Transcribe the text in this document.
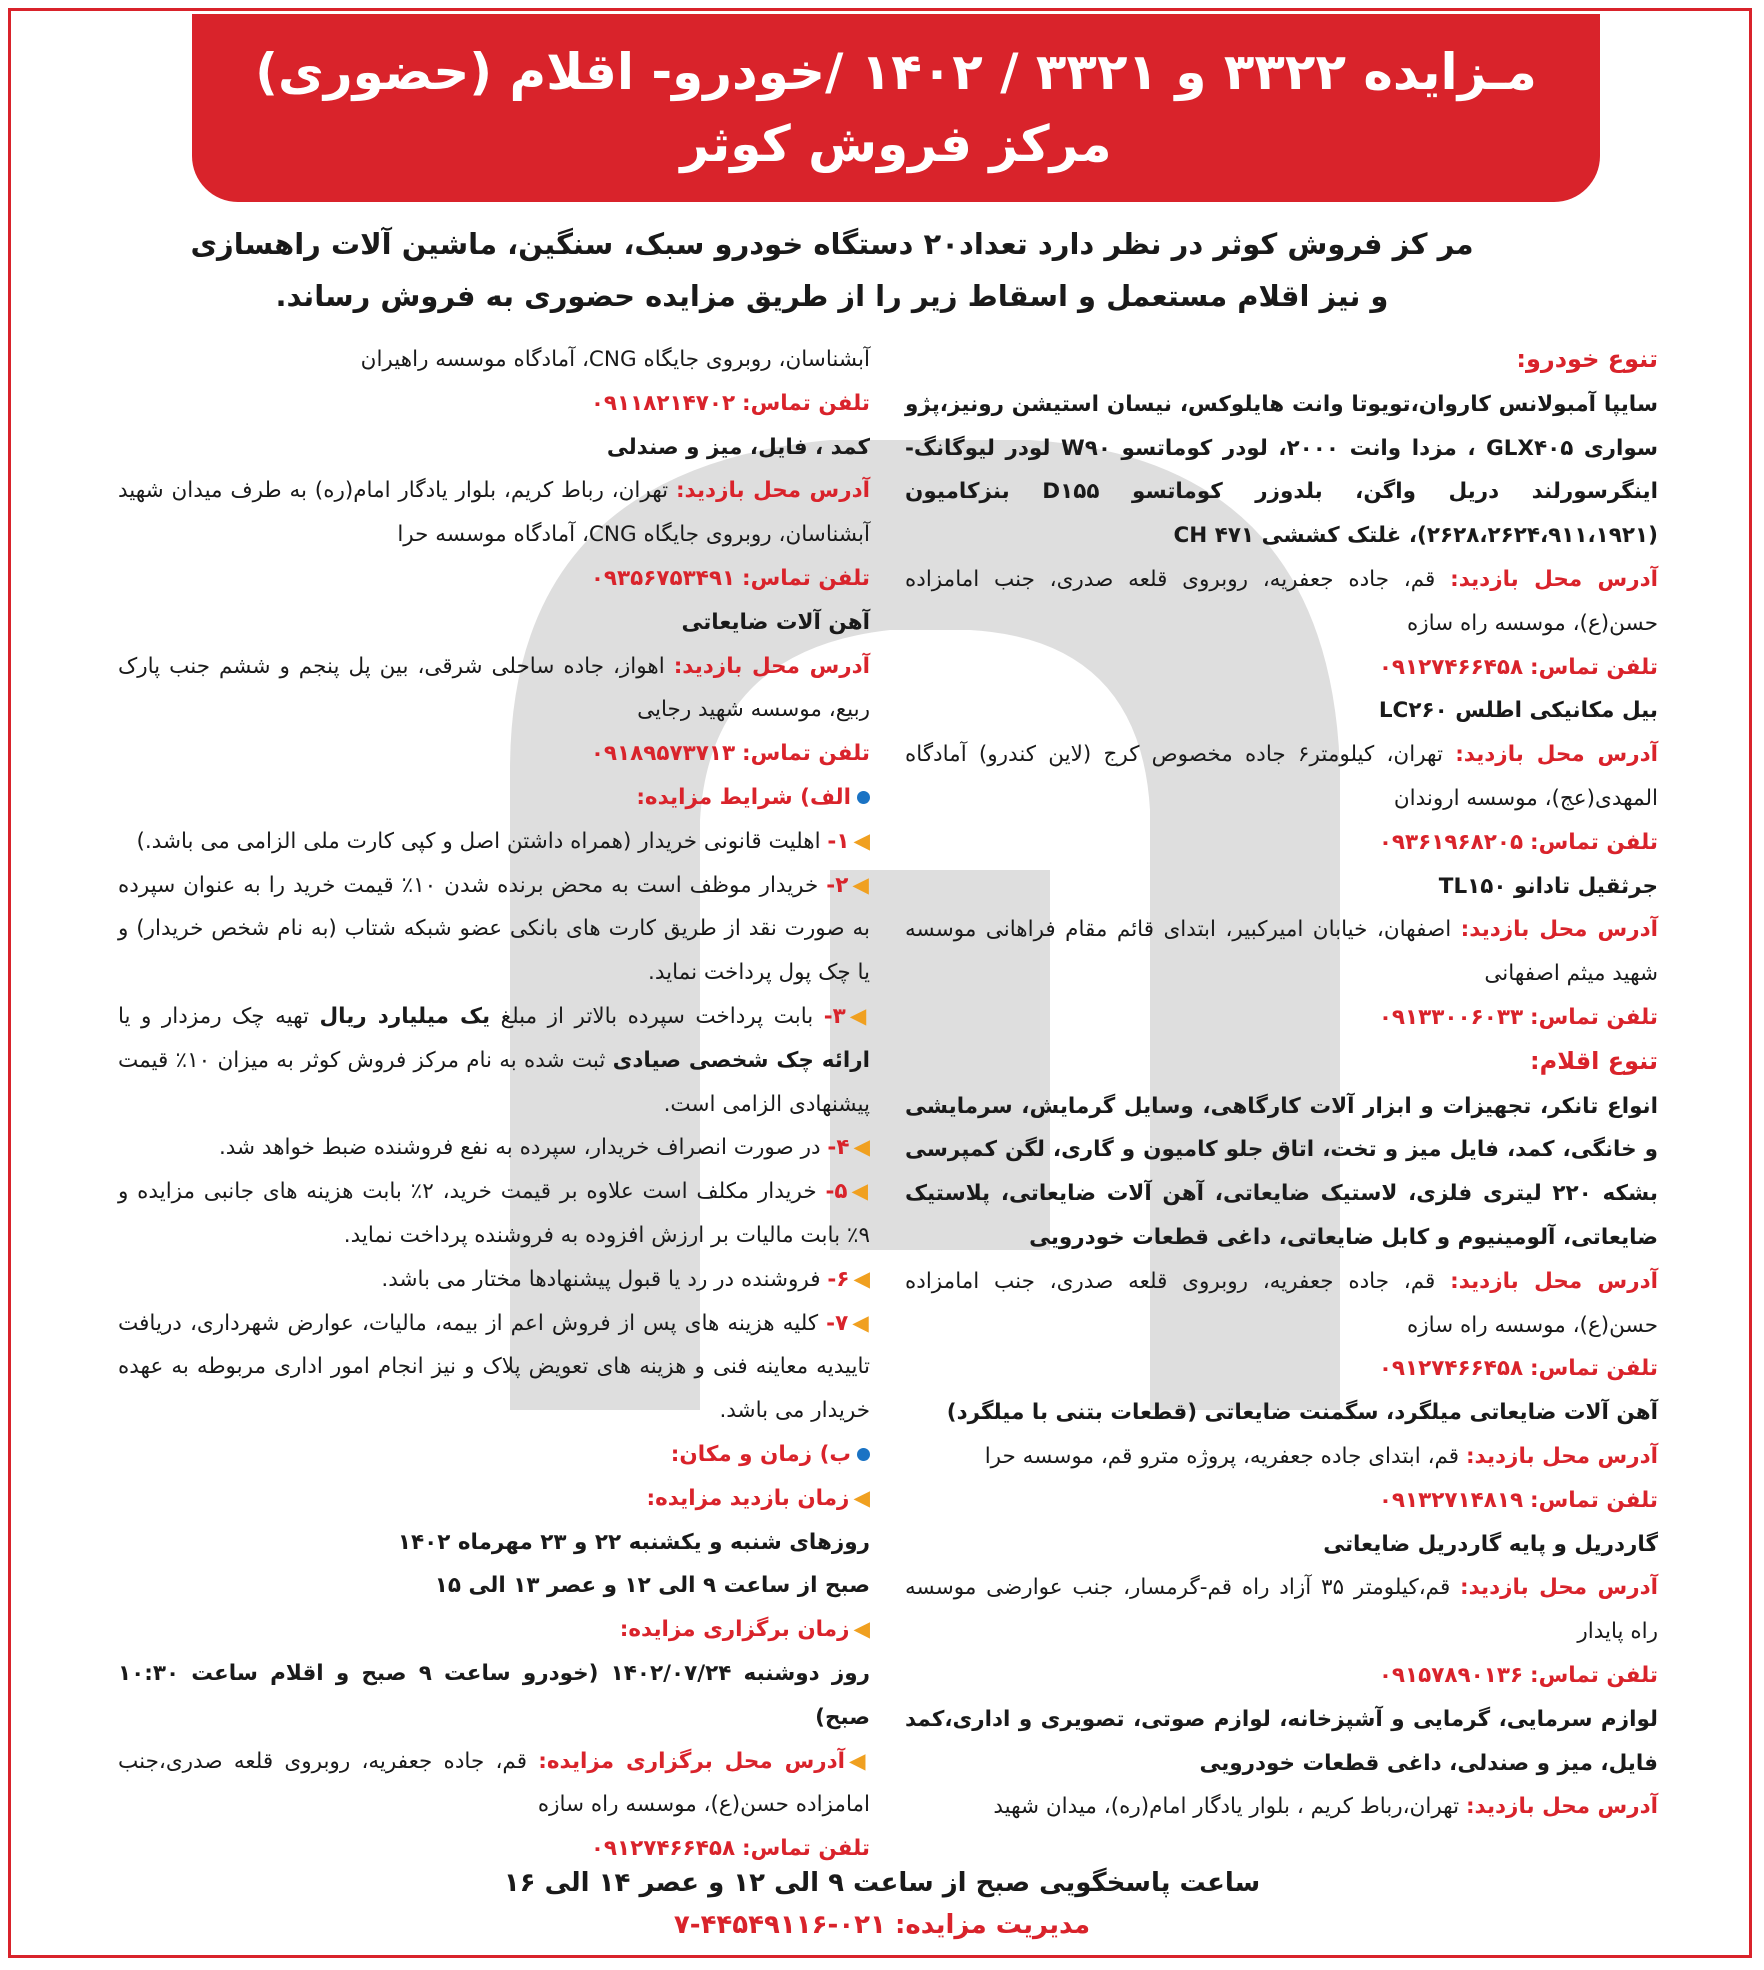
مـزایده ۳۳۲۲ و ۳۳۲۱ / ۱۴۰۲ /خودرو- اقلام (حضوری)
مرکز فروش کوثر
مر کز فروش کوثر در نظر دارد تعداد۲۰ دستگاه خودرو سبک، سنگین، ماشین آلات راهسازی
و نیز اقلام مستعمل و اسقاط زیر را از طریق مزایده حضوری به فروش رساند.

تنوع خودرو:

سایپا آمبولانس کاروان،تویوتا وانت هایلوکس، نیسان استیشن رونیز،پژو سواری GLX۴۰۵ ، مزدا وانت ۲۰۰۰، لودر کوماتسو W۹۰ لودر لیوگانگ- اینگرسورلند دریل واگن، بلدوزر کوماتسو D۱۵۵ بنزکامیون (۲۶۲۸،۲۶۲۴،۹۱۱،۱۹۲۱)، غلتک کششی CH ۴۷۱

آدرس محل بازدید: قم، جاده جعفریه، روبروی قلعه صدری، جنب امامزاده حسن(ع)، موسسه راه سازه

تلفن تماس: ۰۹۱۲۷۴۶۶۴۵۸

بیل مکانیکی اطلس LC۲۶۰

آدرس محل بازدید: تهران، کیلومتر۶ جاده مخصوص کرج (لاین کندرو) آمادگاه المهدی(عج)، موسسه اروندان

تلفن تماس: ۰۹۳۶۱۹۶۸۲۰۵

جرثقیل تادانو TL۱۵۰

آدرس محل بازدید: اصفهان، خیابان امیرکبیر، ابتدای قائم مقام فراهانی موسسه شهید میثم اصفهانی

تلفن تماس: ۰۹۱۳۳۰۰۶۰۳۳

تنوع اقلام:

انواع تانکر، تجهیزات و ابزار آلات کارگاهی، وسایل گرمایش، سرمایشی و خانگی، کمد، فایل میز و تخت، اتاق جلو کامیون و گاری، لگن کمپرسی بشکه ۲۲۰ لیتری فلزی، لاستیک ضایعاتی، آهن آلات ضایعاتی، پلاستیک ضایعاتی، آلومینیوم و کابل ضایعاتی، داغی قطعات خودرویی

آدرس محل بازدید: قم، جاده جعفریه، روبروی قلعه صدری، جنب امامزاده حسن(ع)، موسسه راه سازه

تلفن تماس: ۰۹۱۲۷۴۶۶۴۵۸

آهن آلات ضایعاتی میلگرد، سگمنت ضایعاتی (قطعات بتنی با میلگرد)

آدرس محل بازدید: قم، ابتدای جاده جعفریه، پروژه مترو قم، موسسه حرا

تلفن تماس: ۰۹۱۳۲۷۱۴۸۱۹

گاردریل و پایه گاردریل ضایعاتی

آدرس محل بازدید: قم،کیلومتر ۳۵ آزاد راه قم-گرمسار، جنب عوارضی موسسه راه پایدار

تلفن تماس: ۰۹۱۵۷۸۹۰۱۳۶

لوازم سرمایی، گرمایی و آشپزخانه، لوازم صوتی، تصویری و اداری،کمد فایل، میز و صندلی، داغی قطعات خودرویی

آدرس محل بازدید: تهران،رباط کریم ، بلوار یادگار امام(ره)، میدان شهید

آبشناسان، روبروی جایگاه CNG، آمادگاه موسسه راهیران

تلفن تماس: ۰۹۱۱۸۲۱۴۷۰۲

کمد ، فایل، میز و صندلی

آدرس محل بازدید: تهران، رباط کریم، بلوار یادگار امام(ره) به طرف میدان شهید آبشناسان، روبروی جایگاه CNG، آمادگاه موسسه حرا

تلفن تماس: ۰۹۳۵۶۷۵۳۴۹۱

آهن آلات ضایعاتی

آدرس محل بازدید: اهواز، جاده ساحلی شرقی، بین پل پنجم و ششم جنب پارک ربیع، موسسه شهید رجایی

تلفن تماس: ۰۹۱۸۹۵۷۳۷۱۳

الف) شرایط مزایده:

◀۱- اهلیت قانونی خریدار (همراه داشتن اصل و کپی کارت ملی الزامی می باشد.)

◀۲- خریدار موظف است به محض برنده شدن ۱۰٪ قیمت خرید را به عنوان سپرده به صورت نقد از طریق کارت های بانکی عضو شبکه شتاب (به نام شخص خریدار) و یا چک پول پرداخت نماید.

◀۳- بابت پرداخت سپرده بالاتر از مبلغ یک میلیارد ریال تهیه چک رمزدار و یا ارائه چک شخصی صیادی ثبت شده به نام مرکز فروش کوثر به میزان ۱۰٪ قیمت پیشنهادی الزامی است.

◀۴- در صورت انصراف خریدار، سپرده به نفع فروشنده ضبط خواهد شد.

◀۵- خریدار مکلف است علاوه بر قیمت خرید، ۲٪ بابت هزینه های جانبی مزایده و ۹٪ بابت مالیات بر ارزش افزوده به فروشنده پرداخت نماید.

◀۶- فروشنده در رد یا قبول پیشنهادها مختار می باشد.

◀۷- کلیه هزینه های پس از فروش اعم از بیمه، مالیات، عوارض شهرداری، دریافت تاییدیه معاینه فنی و هزینه های تعویض پلاک و نیز انجام امور اداری مربوطه به عهده خریدار می باشد.

ب) زمان و مکان:

◀زمان بازدید مزایده:

روزهای شنبه و یکشنبه ۲۲ و ۲۳ مهرماه ۱۴۰۲

صبح از ساعت ۹ الی ۱۲ و عصر ۱۳ الی ۱۵

◀زمان برگزاری مزایده:

روز دوشنبه ۱۴۰۲/۰۷/۲۴ (خودرو ساعت ۹ صبح و اقلام ساعت ۱۰:۳۰ صبح)

◀آدرس محل برگزاری مزایده: قم، جاده جعفریه، روبروی قلعه صدری،جنب امامزاده حسن(ع)، موسسه راه سازه

تلفن تماس: ۰۹۱۲۷۴۶۶۴۵۸

ساعت پاسخگویی صبح از ساعت ۹ الی ۱۲ و عصر ۱۴ الی ۱۶
مدیریت مزایده: ۰۲۱-۴۴۵۴۹۱۱۶-۷
